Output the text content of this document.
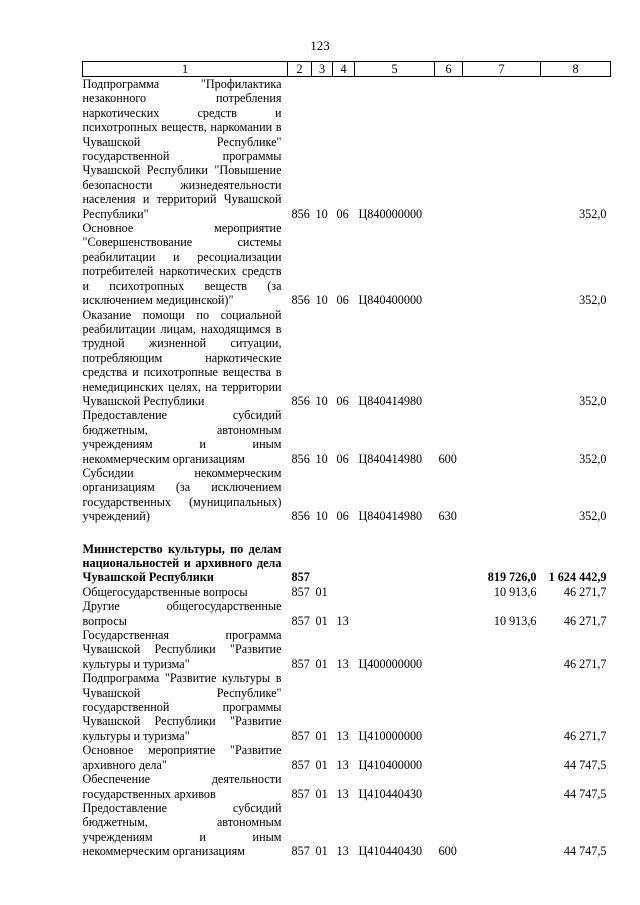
123
1	2	3	4	5	6	7	8
Подпрограмма "Профилактика незаконного потребления наркотических средств и психотропных веществ, наркомании в Чувашской Республике" государственной программы Чувашской Республики "Повышение безопасности жизнедеятельности населения и территорий Чувашской Республики"	856	10	06	Ц840000000			352,0
Основное мероприятие "Совершенствование системы реабилитации и ресоциализации потребителей наркотических средств и психотропных веществ (за исключением медицинской)"	856	10	06	Ц840400000			352,0
Оказание помощи по социальной реабилитации лицам, находящимся в трудной жизненной ситуации, потребляющим наркотические средства и психотропные вещества в немедицинских целях, на территории Чувашской Республики	856	10	06	Ц840414980			352,0
Предоставление субсидий бюджетным, автономным учреждениям и иным некоммерческим организациям	856	10	06	Ц840414980	600		352,0
Субсидии некоммерческим организациям (за исключением государственных (муниципальных) учреждений)	856	10	06	Ц840414980	630		352,0

Министерство культуры, по делам национальностей и архивного дела Чувашской Республики	857					819 726,0	1 624 442,9
Общегосударственные вопросы	857	01				10 913,6	46 271,7
Другие общегосударственные вопросы	857	01	13			10 913,6	46 271,7
Государственная программа Чувашской Республики "Развитие культуры и туризма"	857	01	13	Ц400000000			46 271,7
Подпрограмма "Развитие культуры в Чувашской Республике" государственной программы Чувашской Республики "Развитие культуры и туризма"	857	01	13	Ц410000000			46 271,7
Основное мероприятие "Развитие архивного дела"	857	01	13	Ц410400000			44 747,5
Обеспечение деятельности государственных архивов	857	01	13	Ц410440430			44 747,5
Предоставление субсидий бюджетным, автономным учреждениям и иным некоммерческим организациям	857	01	13	Ц410440430	600		44 747,5
